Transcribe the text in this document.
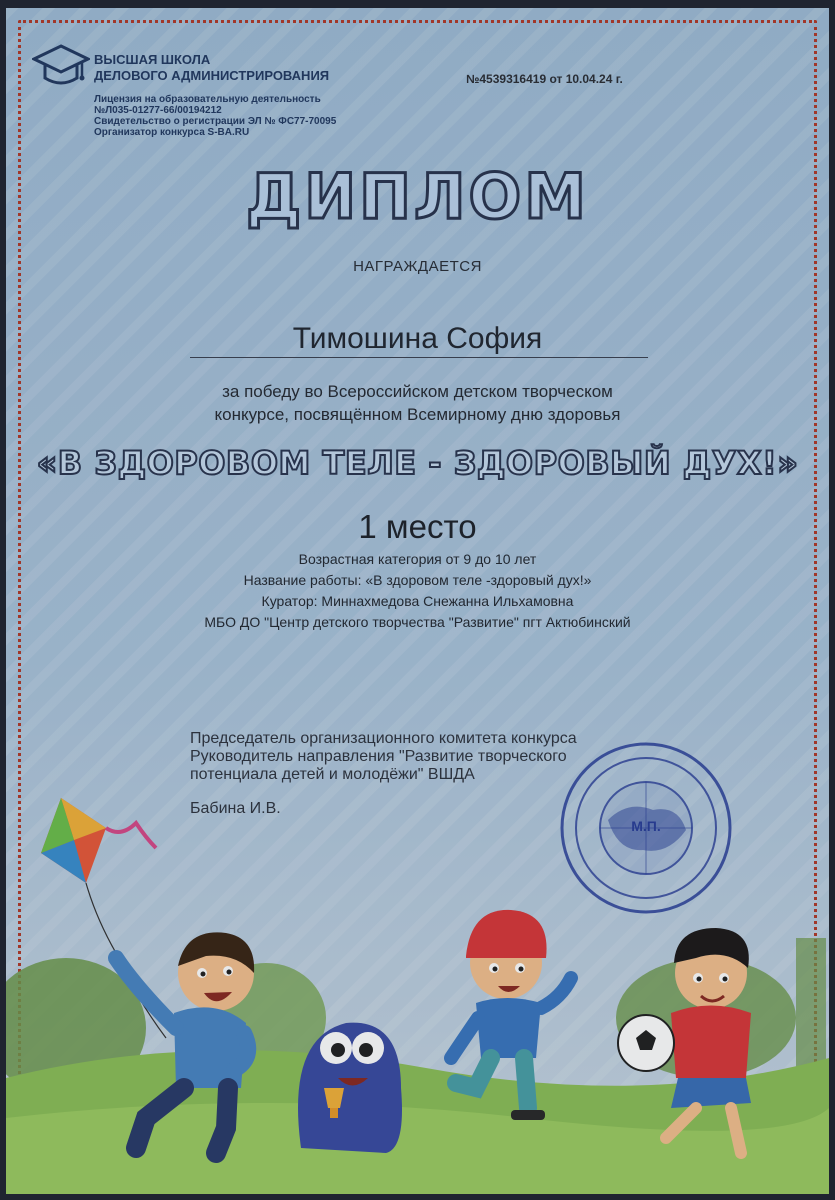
ВЫСШАЯ ШКОЛА
ДЕЛОВОГО АДМИНИСТРИРОВАНИЯ
Лицензия на образовательную деятельность
№Л035-01277-66/00194212
Свидетельство о регистрации ЭЛ № ФС77-70095
Организатор конкурса S-BA.RU
№4539316419 от 10.04.24 г.
ДИПЛОМ
НАГРАЖДАЕТСЯ
Тимошина София
за победу во Всероссийском детском творческом
конкурсе, посвящённом Всемирному дню здоровья
«В ЗДОРОВОМ ТЕЛЕ - ЗДОРОВЫЙ ДУХ!»
1 место
Возрастная категория от 9 до 10 лет
Название работы: «В здоровом теле -здоровый дух!»
Куратор: Миннахмедова Снежанна Ильхамовна
МБО ДО "Центр детского творчества "Развитие" пгт Актюбинский
Председатель организационного комитета конкурса
Руководитель направления "Развитие творческого
потенциала детей и молодёжи" ВШДА
Бабина И.В.
М.П.
